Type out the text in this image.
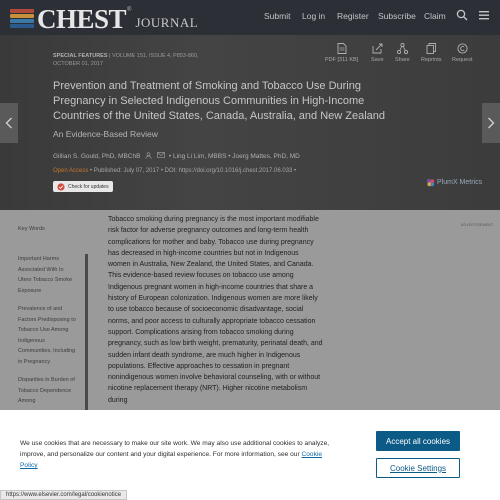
CHEST ®
JOURNAL	Submit Log in Register Subscribe Claim
SPECIAL FEATURES | VOLUME 151, ISSUE 4, P853-860,
OCTOBER 01, 2017
PDF [311 KB] Save Share Reprints Request
Prevention and Treatment of Smoking and Tobacco Use During Pregnancy in Selected Indigenous Communities in High-Income Countries of the United States, Canada, Australia, and New Zealand
An Evidence-Based Review
Gillian S. Gould, PhD, MBChB	• Ling Li Lim, MBBS • Joerg Mattes, PhD, MD
Open Access • Published: July 07, 2017 • DOI: https://doi.org/10.1016/j.chest.2017.06.033 •
Check for updates
PlumX Metrics
Key Words
Important Harms Associated With In Utero Tobacco Smoke Exposure
Prevalence of and Factors Predisposing to Tobacco Use Among Indigenous Communities, Including in Pregnancy
Disparities in Burden of Tobacco Dependence Among
Tobacco smoking during pregnancy is the most important modifiable risk factor for adverse pregnancy outcomes and long-term health complications for mother and baby. Tobacco use during pregnancy has decreased in high-income countries but not in Indigenous women in Australia, New Zealand, the United States, and Canada. This evidence-based review focuses on tobacco use among Indigenous pregnant women in high-income countries that share a history of European colonization. Indigenous women are more likely to use tobacco because of socioeconomic disadvantage, social norms, and poor access to culturally appropriate tobacco cessation support. Complications arising from tobacco smoking during pregnancy, such as low birth weight, prematurity, perinatal death, and sudden infant death syndrome, are much higher in Indigenous populations. Effective approaches to cessation in pregnant nonindigenous women involve behavioral counseling, with or without nicotine replacement therapy (NRT). Higher nicotine metabolism during
ADVERTISEMENT
We use cookies that are necessary to make our site work. We may also use additional cookies to analyze, improve, and personalize our content and your digital experience. For more information, see our Cookie Policy
Accept all cookies
Cookie Settings
https://www.elsevier.com/legal/cookienotice
